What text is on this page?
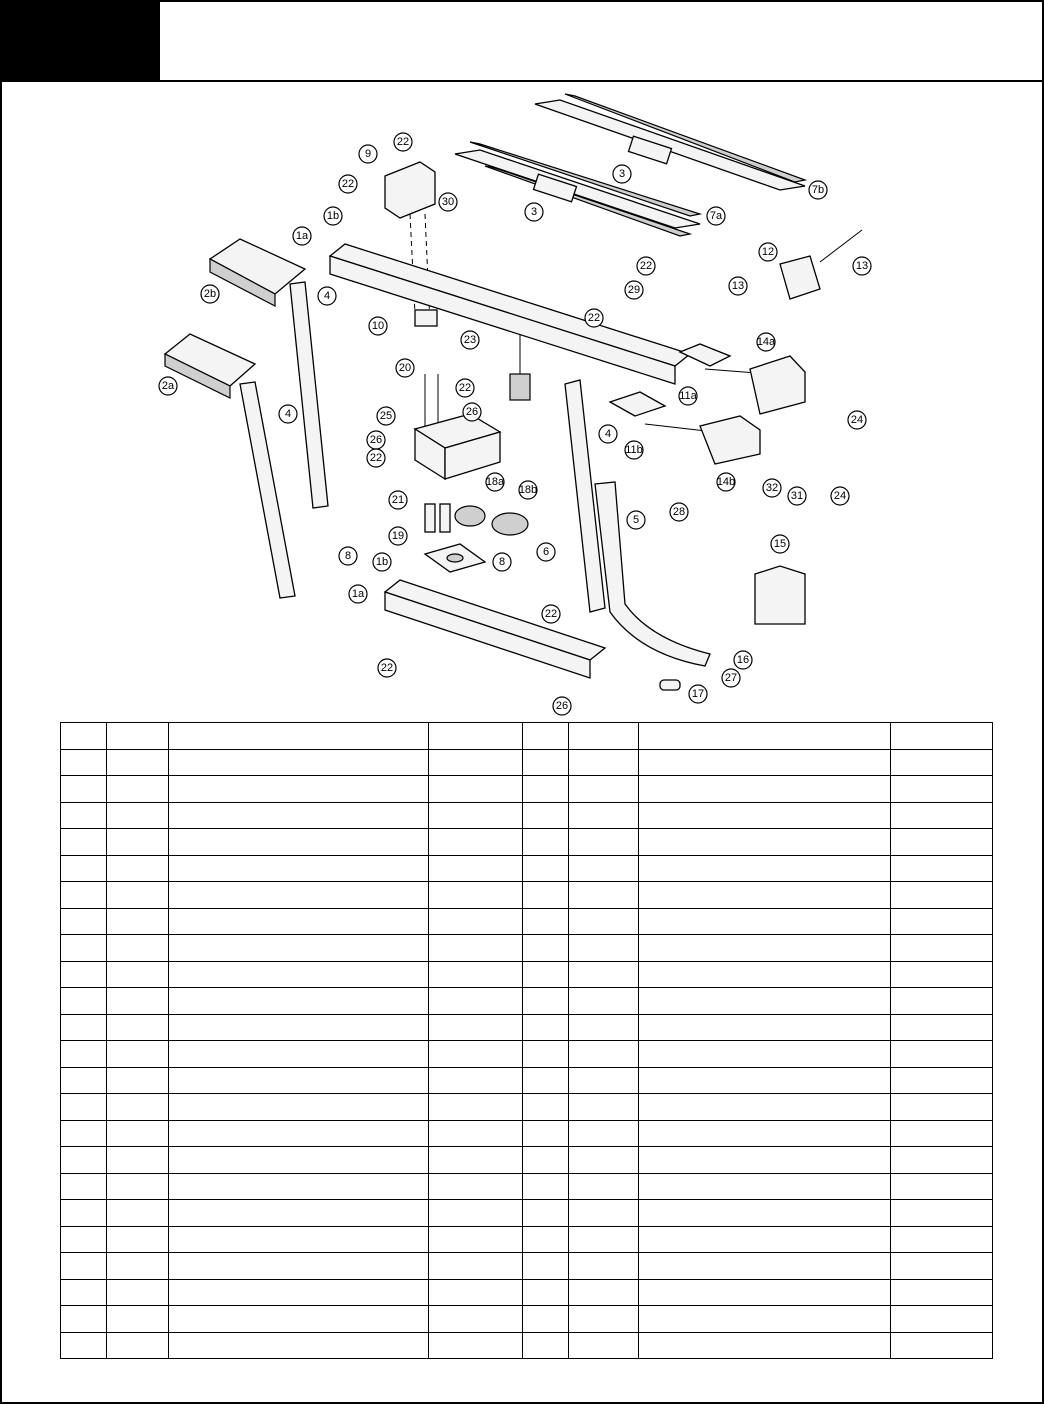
9
22
22
30
1b
1a
7b
7a
3
3
2b
2a
4
4
4
10
22
29
22
23
12
13
13
14a
11a
24
11b
14b	32
31	24
20
22
26
25
26
22
21
18a
18b
28
5
6
19
15
8 1b	8
1a
22
16
27
17
22
26
